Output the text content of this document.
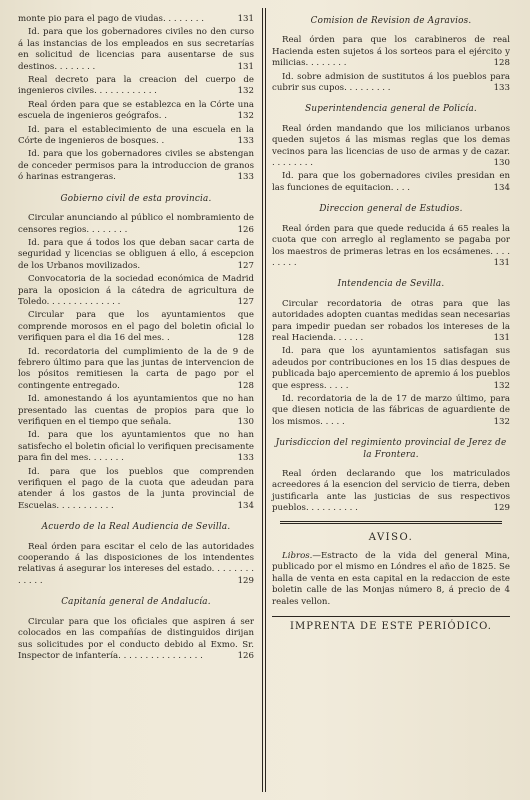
monte pio para el pago de viudas. . . . . . . .	131

Id. para que los gobernadores civiles no den curso á las instancias de los empleados en sus secretarías en solicitud de licencias para ausentarse de sus destinos. . . . . . . .	131

Real decreto para la creacion del cuerpo de ingenieros civiles. . . . . . . . . . . .	132

Real órden para que se establezca en la Córte una escuela de ingenieros geógrafos. .	132

Id. para el establecimiento de una escuela en la Córte de ingenieros de bosques. .	133

Id. para que los gobernadores civiles se abstengan de conceder permisos para la introduccion de granos ó harinas estrangeras.	133

Gobierno civil de esta provincia.

Circular anunciando al público el nombramiento de censores regios. . . . . . . .	126

Id. para que á todos los que deban sacar carta de seguridad y licencias se obliguen á ello, á escepcion de los Urbanos movilizados.	127

Convocatoria de la sociedad económica de Madrid para la oposicion á la cátedra de agricultura de Toledo. . . . . . . . . . . . . .	127

Circular para que los ayuntamientos que comprende morosos en el pago del boletin oficial lo verifiquen para el dia 16 del mes. .	128

Id. recordatoria del cumplimiento de la de 9 de febrero último para que las juntas de intervencion de los pósitos remitiesen la carta de pago por el contingente entregado.	128

Id. amonestando á los ayuntamientos que no han presentado las cuentas de propios para que lo verifiquen en el tiempo que señala.	130

Id. para que los ayuntamientos que no han satisfecho el boletin oficial lo verifiquen precisamente para fin del mes. . . . . . .	133

Id. para que los pueblos que comprenden verifiquen el pago de la cuota que adeudan para atender á los gastos de la junta provincial de Escuelas. . . . . . . . . . .	134

Acuerdo de la Real Audiencia de Sevilla.

Real órden para escitar el celo de las autoridades cooperando á las disposiciones de los intendentes relativas á asegurar los intereses del estado. . . . . . . . . . . . .	129

Capitanía general de Andalucía.

Circular para que los oficiales que aspiren á ser colocados en las compañías de distinguidos dirijan sus solicitudes por el conducto debido al Exmo. Sr. Inspector de infantería. . . . . . . . . . . . . . . .	126

Comision de Revision de Agravios.

Real órden para que los carabineros de real Hacienda esten sujetos á los sorteos para el ejército y milicias. . . . . . . .	128

Id. sobre admision de sustitutos á los pueblos para cubrir sus cupos. . . . . . . . .	133

Superintendencia general de Policía.

Real órden mandando que los milicianos urbanos queden sujetos á las mismas reglas que los demas vecinos para las licencias de uso de armas y de cazar. . . . . . . . .	130

Id. para que los gobernadores civiles presidan en las funciones de equitacion. . . .	134

Direccion general de Estudios.

Real órden para que quede reducida á 65 reales la cuota que con arreglo al reglamento se pagaba por los maestros de primeras letras en los ecsámenes. . . . . . . . .	131

Intendencia de Sevilla.

Circular recordatoria de otras para que las autoridades adopten cuantas medidas sean necesarias para impedir puedan ser robados los intereses de la real Hacienda. . . . . .	131

Id. para que los ayuntamientos satisfagan sus adeudos por contribuciones en los 15 dias despues de publicada bajo apercemiento de apremio á los pueblos que espress. . . . .	132

Id. recordatoria de la de 17 de marzo último, para que diesen noticia de las fábricas de aguardiente de los mismos. . . . .	132

Jurisdiccion del regimiento provincial de Jerez de la Frontera.

Real órden declarando que los matriculados acreedores á la esencion del servicio de tierra, deben justificarla ante las justicias de sus respectivos pueblos. . . . . . . . . .	129

AVISO.

Libros.—Estracto de la vida del general Mina, publicado por el mismo en Lóndres el año de 1825. Se halla de venta en esta capital en la redaccion de este boletin calle de las Monjas número 8, á precio de 4 reales vellon.

IMPRENTA DE ESTE PERIÓDICO.
